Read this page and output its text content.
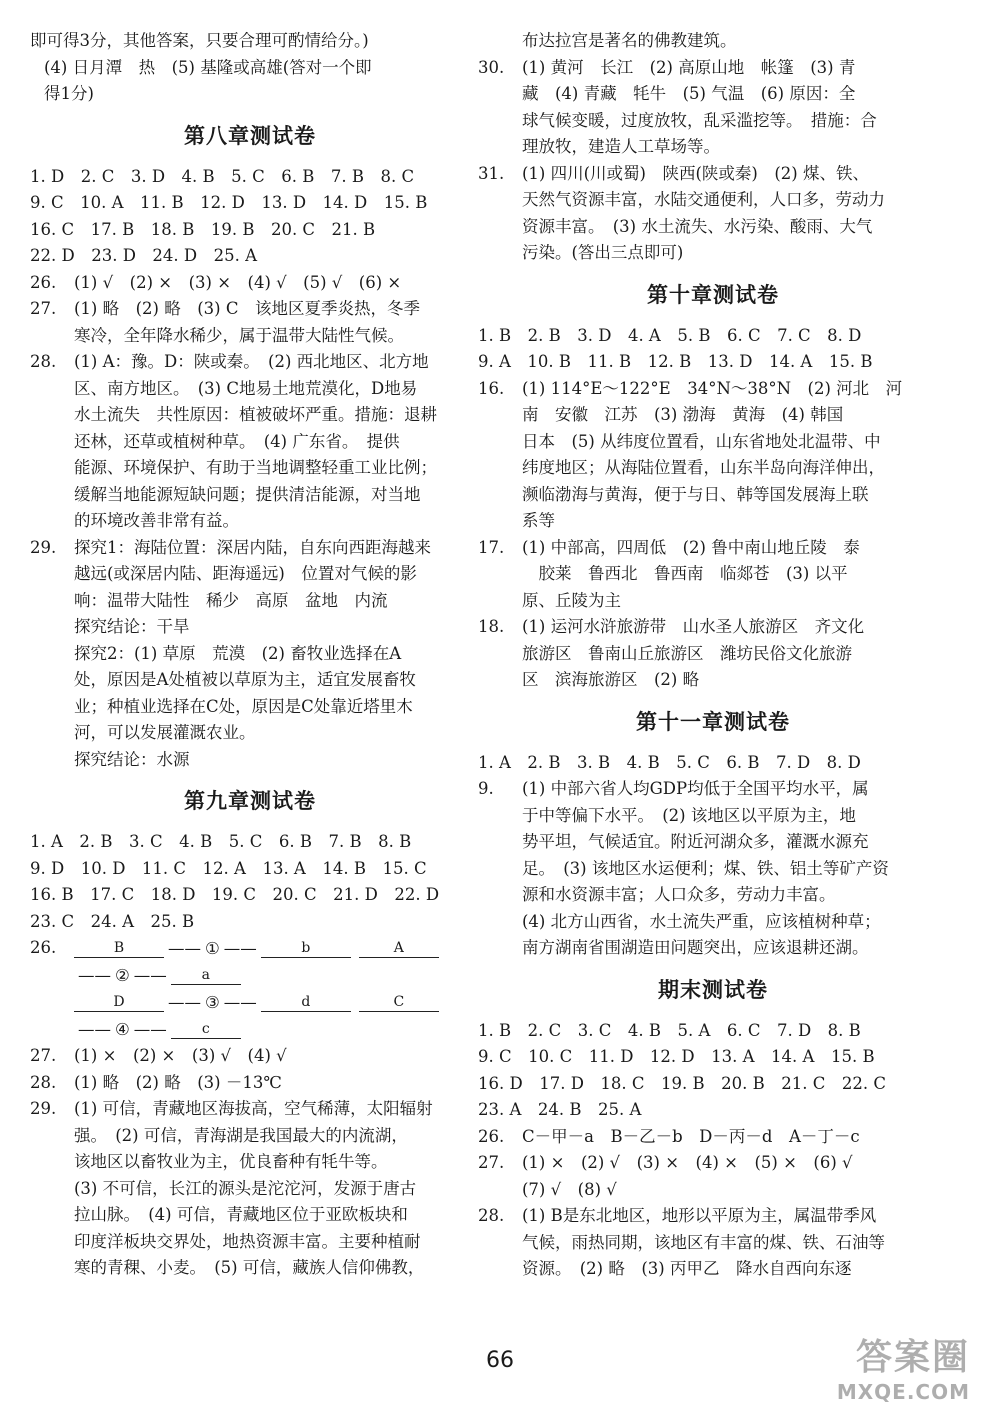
即可得3分，其他答案，只要合理可酌情给分。)
(4) 日月潭　热　(5) 基隆或高雄(答对一个即
得1分)
第八章测试卷
1. D　2. C　3. D　4. B　5. C　6. B　7. B　8. C
9. C　10. A　11. B　12. D　13. D　14. D　15. B
16. C　17. B　18. B　19. B　20. C　21. B
22. D　23. D　24. D　25. A
26.	(1) √　(2) ×　(3) ×　(4) √　(5) √　(6) ×
27.	(1) 略　(2) 略　(3) C　该地区夏季炎热，冬季
寒冷，全年降水稀少，属于温带大陆性气候。
28.	(1) A：豫。D：陕或秦。　(2) 西北地区、北方地
区、南方地区。　(3) C地易土地荒漠化，D地易
水土流失　共性原因：植被破坏严重。措施：退耕
还林，还草或植树种草。　(4) 广东省。　提供
能源、环境保护、有助于当地调整轻重工业比例；
缓解当地能源短缺问题；提供清洁能源，对当地
的环境改善非常有益。
29.	探究1：海陆位置：深居内陆，自东向西距海越来
越远(或深居内陆、距海遥远)　位置对气候的影
响：温带大陆性　稀少　高原　盆地　内流
探究结论：干旱
探究2：(1) 草原　荒漠　(2) 畜牧业选择在A
处，原因是A处植被以草原为主，适宜发展畜牧
业；种植业选择在C处，原因是C处靠近塔里木
河，可以发展灌溉农业。
探究结论：水源
第九章测试卷
1. A　2. B　3. C　4. B　5. C　6. B　7. B　8. B
9. D　10. D　11. C　12. A　13. A　14. B　15. C
16. B　17. C　18. D　19. C　20. C　21. D　22. D
23. C　24. A　25. B
26.	B	—— ① ——	b	A
—— ② ——	a
D	—— ③ ——	d	C
—— ④ ——	c
27.	(1) ×　(2) ×　(3) √　(4) √
28.	(1) 略　(2) 略　(3) －13℃
29.	(1) 可信，青藏地区海拔高，空气稀薄，太阳辐射
强。　(2) 可信，青海湖是我国最大的内流湖，
该地区以畜牧业为主，优良畜种有牦牛等。
(3) 不可信，长江的源头是沱沱河，发源于唐古
拉山脉。　(4) 可信，青藏地区位于亚欧板块和
印度洋板块交界处，地热资源丰富。主要种植耐
寒的青稞、小麦。　(5) 可信，藏族人信仰佛教，
布达拉宫是著名的佛教建筑。
30.	(1) 黄河　长江　(2) 高原山地　帐篷　(3) 青
藏　(4) 青藏　牦牛　(5) 气温　(6) 原因：全
球气候变暖，过度放牧，乱采滥挖等。　措施：合
理放牧，建造人工草场等。
31.	(1) 四川(川或蜀)　陕西(陕或秦)　(2) 煤、铁、
天然气资源丰富，水陆交通便利，人口多，劳动力
资源丰富。　(3) 水土流失、水污染、酸雨、大气
污染。(答出三点即可)
第十章测试卷
1. B　2. B　3. D　4. A　5. B　6. C　7. C　8. D
9. A　10. B　11. B　12. B　13. D　14. A　15. B
16.	(1) 114°E～122°E　34°N～38°N　(2) 河北　河
南　安徽　江苏　(3) 渤海　黄海　(4) 韩国
日本　(5) 从纬度位置看，山东省地处北温带、中
纬度地区；从海陆位置看，山东半岛向海洋伸出，
濒临渤海与黄海，便于与日、韩等国发展海上联
系等
17.	(1) 中部高，四周低　(2) 鲁中南山地丘陵　泰
　胶莱　鲁西北　鲁西南　临郯苍　(3) 以平
原、丘陵为主
18.	(1) 运河水浒旅游带　山水圣人旅游区　齐文化
旅游区　鲁南山丘旅游区　潍坊民俗文化旅游
区　滨海旅游区　(2) 略
第十一章测试卷
1. A　2. B　3. B　4. B　5. C　6. B　7. D　8. D
9.	(1) 中部六省人均GDP均低于全国平均水平，属
于中等偏下水平。　(2) 该地区以平原为主，地
势平坦，气候适宜。附近河湖众多，灌溉水源充
足。　(3) 该地区水运便利；煤、铁、铝土等矿产资
源和水资源丰富；人口众多，劳动力丰富。
(4) 北方山西省，水土流失严重，应该植树种草；
南方湖南省围湖造田问题突出，应该退耕还湖。
期末测试卷
1. B　2. C　3. C　4. B　5. A　6. C　7. D　8. B
9. C　10. C　11. D　12. D　13. A　14. A　15. B
16. D　17. D　18. C　19. B　20. B　21. C　22. C
23. A　24. B　25. A
26.	C－甲－a　B－乙－b　D－丙－d　A－丁－c
27.	(1) ×　(2) √　(3) ×　(4) ×　(5) ×　(6) √
(7) √　(8) √
28.	(1) B是东北地区，地形以平原为主，属温带季风
气候，雨热同期，该地区有丰富的煤、铁、石油等
资源。　(2) 略　(3) 丙甲乙　降水自西向东逐
66	答案圈
MXQE.COM
